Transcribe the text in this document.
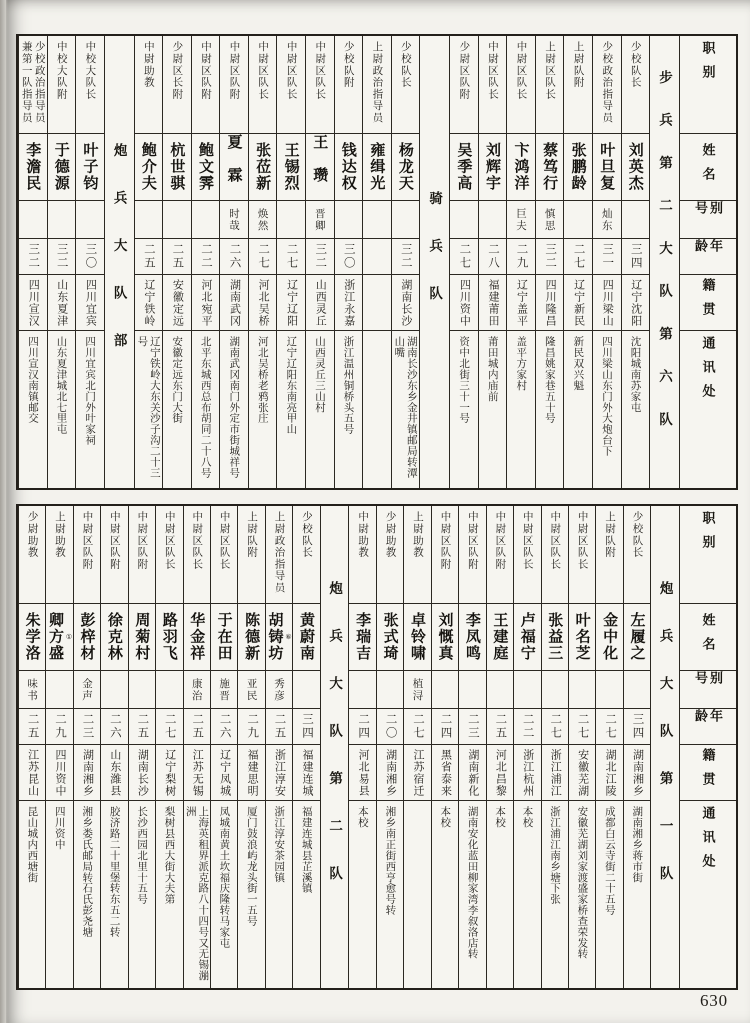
职别
姓名
别号
年龄
籍贯
通讯处
步兵第二大队第六队
少校队长
刘英杰
三四
辽宁沈阳
沈阳城南苏家屯
少校政治指导员
叶旦复
灿东
三一
四川梁山
四川梁山东门外大炮台下
上尉队附
张鹏龄
二七
辽宁新民
新民双兴魁
上尉区队长
蔡笃行
慎思
三二
四川隆昌
隆昌姚家巷五十号
中尉区队长
卞鸿洋
巨夫
二九
辽宁盖平
盖平方家村
中尉区队长
刘辉宇
二八
福建莆田
莆田城内庙前
少尉区队附
吴季高
二七
四川资中
资中北街三十一号
骑兵队
少校队长
杨龙天
三二
湖南长沙
湖南长沙东乡金井镇邮局转潭山嘴
上尉政治指导员
雍缉光
少校队附
钱达权
三〇
浙江永嘉
浙江温州铜桥头五号
中尉区队长
王瓒
晋卿
三二
山西灵丘
山西灵丘三山村
中尉区队长
王锡烈
二七
辽宁辽阳
辽宁辽阳东南亮甲山
中尉区队长
张莅新
焕然
二七
河北吴桥
河北吴桥老鸦张庄
中尉区队附
夏霖
时哉
二六
湖南武冈
湖南武冈南门外定市街城祥号
中尉区队附
鲍文霁
二二
河北宛平
北平东城西总布胡同二十八号
少尉区长附
杭世骐
二五
安徽定远
安徽定远东门大街
中尉助教
鲍介夫
二五
辽宁铁岭
辽宁铁岭大东关沙子沟二十三号
炮兵大队部
中校大队长
叶子钧
三〇
四川宜宾
四川宜宾北门外叶家祠
中校大队附
于德源
三二
山东夏津
山东夏津城北七里屯
少校政治指导员兼第一队指导员
李澹民
三二
四川宣汉
四川宣汉南镇邮交
职别
姓名
别号
年龄
籍贯
通讯处
炮兵大队第一队
少校队长
左履之
三四
湖南湘乡
湖南湘乡蒋市街
上尉队附
金中化
二七
湖北江陵
成都白云寺街二十五号
中尉区队长
叶名芝
二七
安徽芜湖
安徽芜湖刘家渡盛家桥查荣发转
中尉区队长
张益三
二七
浙江浦江
浙江浦江南乡塘下张
中尉区队长
卢福宁
二二
浙江杭州
本校
中尉区队附
王建庭
二五
河北昌黎
本校
中尉区队附
李凤鸣
二三
湖南新化
湖南安化蓝田柳家湾李叙洛店转
中尉区队附
刘慨真
二四
黑省泰来
本校
上尉助教
卓铃啸
植浔
二七
江苏宿迁
少尉助教
张式琦
二〇
湖南湘乡
湘乡南正街西亨愈号转
中尉助教
李瑞吉
二四
河北易县
本校
炮兵大队第二队
少校队长
黄蔚南
三四
福建连城
福建连城县芷溪镇
上尉政治指导员
胡铸坊 ⑥
秀彦
二五
浙江淳安
浙江淳安茶园镇
上尉队附
陈德新
亚民
二九
福建思明
厦门鼓浪屿龙头街一五号
中尉区队长
于在田
施晋
二六
辽宁凤城
凤城南黄土坎福庆隆转马家屯
中尉区队长
华金祥
康治
二五
江苏无锡
上海英租界派克路八十四号又无锡漰洲
中尉区队长
路羽飞
二七
辽宁梨树
梨树县西大街大夫第
中尉区队附
周菊村
二五
湖南长沙
长沙西园北里十五号
中尉区队附
徐克林
二六
山东潍县
胶济路二十里堡转东五二转
中尉区队附
彭梓材
金声
二三
湖南湘乡
湘乡娄氏邮局转石氏彭尧塘
上尉助教
卿方盛 ①
二九
四川资中
四川资中
少尉助教
朱学洛
味书
二五
江苏昆山
昆山城内西塘街
630
